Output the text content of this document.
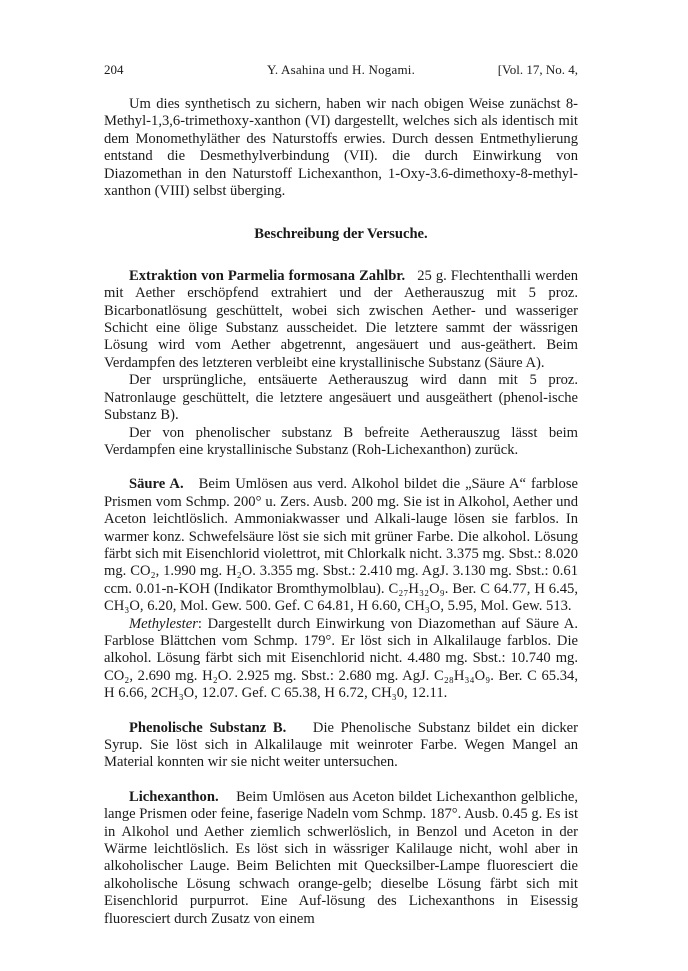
204	Y. Asahina und H. Nogami.	[Vol. 17, No. 4,

Um dies synthetisch zu sichern, haben wir nach obigen Weise zunächst 8-Methyl-1,3,6-trimethoxy-xanthon (VI) dargestellt, welches sich als identisch mit dem Monomethyläther des Naturstoffs erwies. Durch dessen Entmethylierung entstand die Desmethylverbindung (VII). die durch Einwirkung von Diazomethan in den Naturstoff Lichexanthon, 1-Oxy-3.6-dimethoxy-8-methyl-xanthon (VIII) selbst überging.

Beschreibung der Versuche.

Extraktion von Parmelia formosana Zahlbr. 25 g. Flechtenthalli werden mit Aether erschöpfend extrahiert und der Aetherauszug mit 5 proz. Bicarbonatlösung geschüttelt, wobei sich zwischen Aether- und wasseriger Schicht eine ölige Substanz ausscheidet. Die letztere sammt der wässrigen Lösung wird vom Aether abgetrennt, angesäuert und aus-geäthert. Beim Verdampfen des letzteren verbleibt eine krystallinische Substanz (Säure A).

Der ursprüngliche, entsäuerte Aetherauszug wird dann mit 5 proz. Natronlauge geschüttelt, die letztere angesäuert und ausgeäthert (phenol-ische Substanz B).

Der von phenolischer substanz B befreite Aetherauszug lässt beim Verdampfen eine krystallinische Substanz (Roh-Lichexanthon) zurück.

Säure A. Beim Umlösen aus verd. Alkohol bildet die „Säure A“ farblose Prismen vom Schmp. 200° u. Zers. Ausb. 200 mg. Sie ist in Alkohol, Aether und Aceton leichtlöslich. Ammoniakwasser und Alkali-lauge lösen sie farblos. In warmer konz. Schwefelsäure löst sie sich mit grüner Farbe. Die alkohol. Lösung färbt sich mit Eisenchlorid violettrot, mit Chlorkalk nicht. 3.375 mg. Sbst.: 8.020 mg. CO₂, 1.990 mg. H₂O. 3.355 mg. Sbst.: 2.410 mg. AgJ. 3.130 mg. Sbst.: 0.61 ccm. 0.01-n-KOH (Indikator Bromthymolblau). C₂₇H₃₂O₉. Ber. C 64.77, H 6.45, CH₃O, 6.20, Mol. Gew. 500. Gef. C 64.81, H 6.60, CH₃O, 5.95, Mol. Gew. 513.

Methylester: Dargestellt durch Einwirkung von Diazomethan auf Säure A. Farblose Blättchen vom Schmp. 179°. Er löst sich in Alkalilauge farblos. Die alkohol. Lösung färbt sich mit Eisenchlorid nicht. 4.480 mg. Sbst.: 10.740 mg. CO₂, 2.690 mg. H₂O. 2.925 mg. Sbst.: 2.680 mg. AgJ. C₂₈H₃₄O₉. Ber. C 65.34, H 6.66, 2CH₃O, 12.07. Gef. C 65.38, H 6.72, CH₃0, 12.11.

Phenolische Substanz B. Die Phenolische Substanz bildet ein dicker Syrup. Sie löst sich in Alkalilauge mit weinroter Farbe. Wegen Mangel an Material konnten wir sie nicht weiter untersuchen.

Lichexanthon. Beim Umlösen aus Aceton bildet Lichexanthon gelbliche, lange Prismen oder feine, faserige Nadeln vom Schmp. 187°. Ausb. 0.45 g. Es ist in Alkohol und Aether ziemlich schwerlöslich, in Benzol und Aceton in der Wärme leichtlöslich. Es löst sich in wässriger Kalilauge nicht, wohl aber in alkoholischer Lauge. Beim Belichten mit Quecksilber-Lampe fluoresciert die alkoholische Lösung schwach orange-gelb; dieselbe Lösung färbt sich mit Eisenchlorid purpurrot. Eine Auf-lösung des Lichexanthons in Eisessig fluoresciert durch Zusatz von einem
